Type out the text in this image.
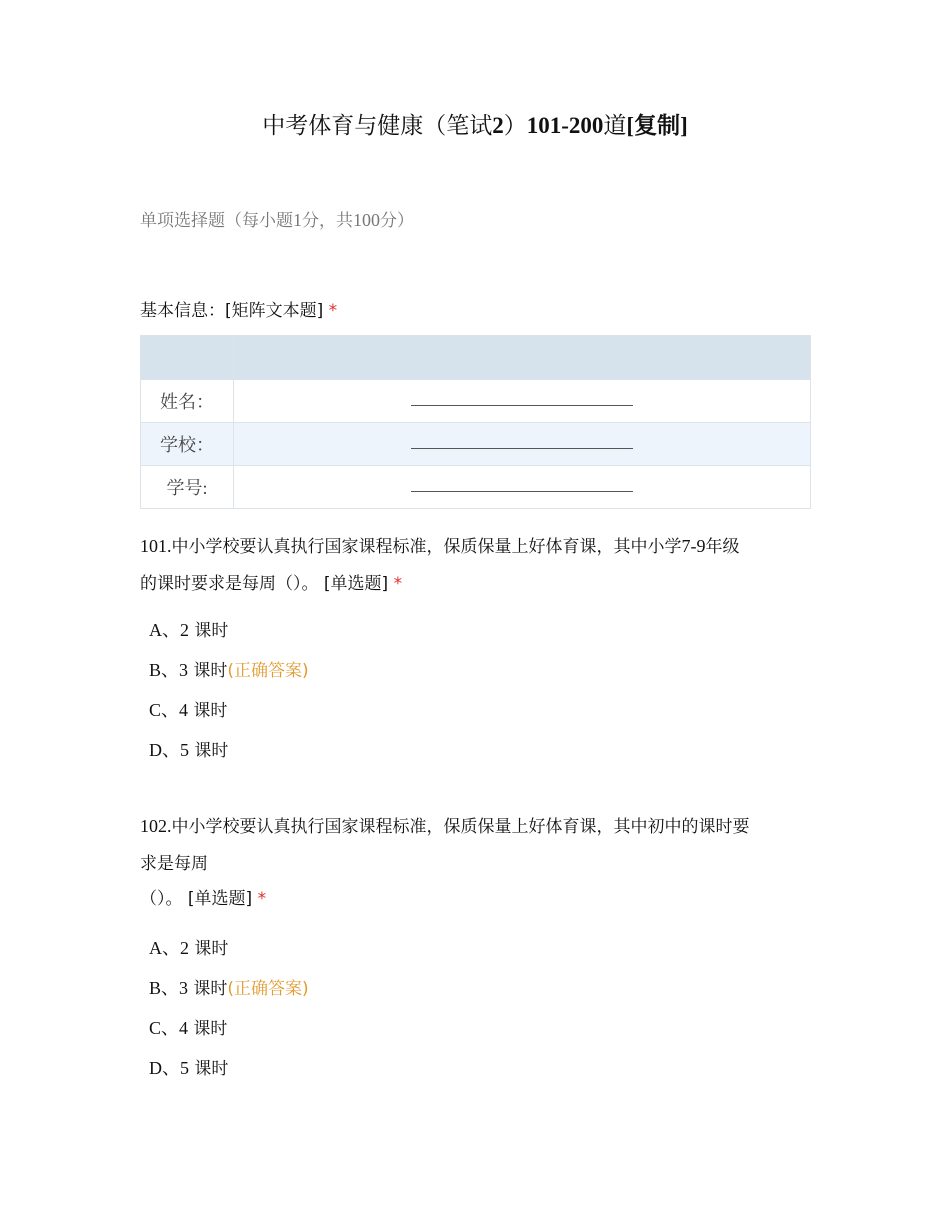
中考体育与健康（笔试2）101-200道[复制]
单项选择题（每小题1分，共100分）
基本信息：[矩阵文本题] *

姓名：	
学校：	
学号:	
101.中小学校要认真执行国家课程标准，保质保量上好体育课，其中小学7-9年级
的课时要求是每周（）。 [单选题] *
A、2 课时
B、3 课时(正确答案)
C、4 课时
D、5 课时
102.中小学校要认真执行国家课程标准，保质保量上好体育课，其中初中的课时要
求是每周
（）。 [单选题] *
A、2 课时
B、3 课时(正确答案)
C、4 课时
D、5 课时
